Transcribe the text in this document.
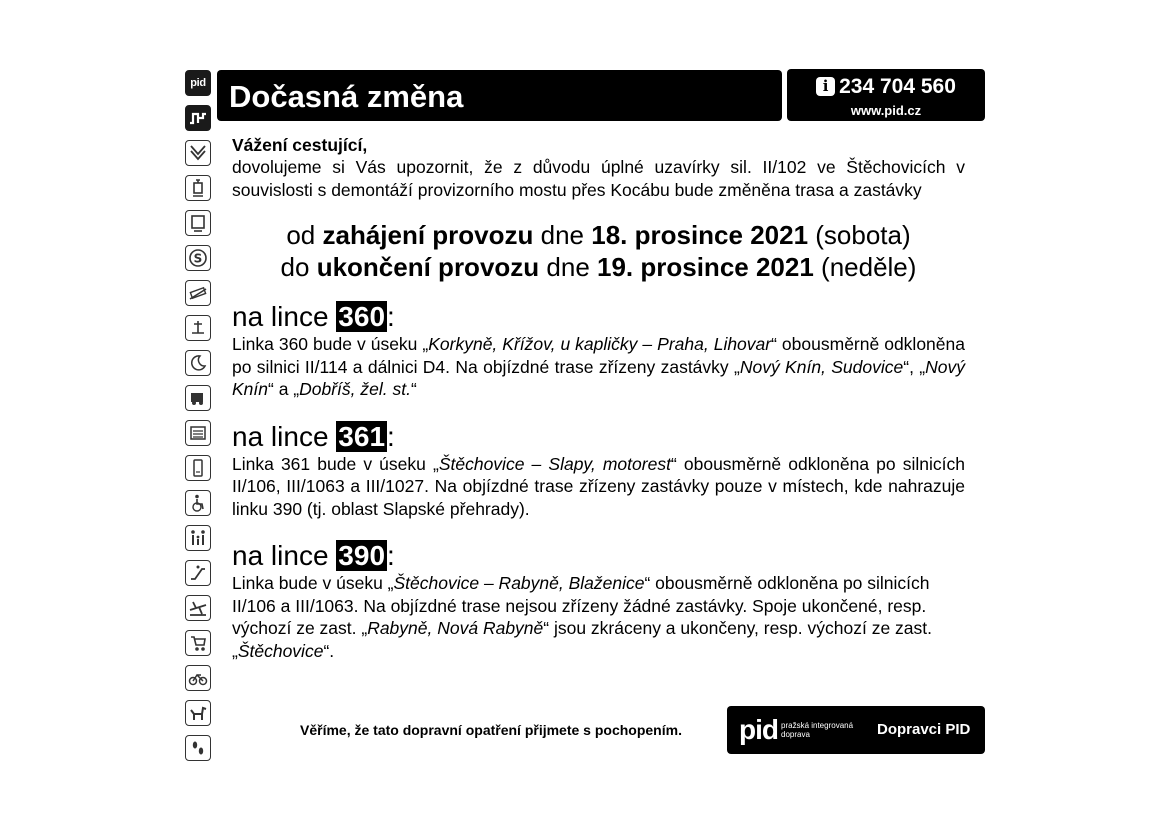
pid
S
Dočasná změna	i 234 704 560
www.pid.cz
Vážení cestující,

dovolujeme si Vás upozornit, že z důvodu úplné uzavírky sil. II/102 ve Štěchovicích v souvislosti s demontáží provizorního mostu přes Kocábu bude změněna trasa a zastávky

od zahájení provozu dne 18. prosince 2021 (sobota)
do ukončení provozu dne 19. prosince 2021 (neděle)

na lince 360:

Linka 360 bude v úseku „Korkyně, Křížov, u kapličky – Praha, Lihovar“ obousměrně odkloněna po silnici II/114 a dálnici D4. Na objízdné trase zřízeny zastávky „Nový Knín, Sudovice“, „Nový Knín“ a „Dobříš, žel. st.“

na lince 361:

Linka 361 bude v úseku „Štěchovice – Slapy, motorest“ obousměrně odkloněna po silnicích II/106, III/1063 a III/1027. Na objízdné trase zřízeny zastávky pouze v místech, kde nahrazuje linku 390 (tj. oblast Slapské přehrady).

na lince 390:

Linka bude v úseku „Štěchovice – Rabyně, Blaženice“ obousměrně odkloněna po silnicích II/106 a III/1063. Na objízdné trase nejsou zřízeny žádné zastávky. Spoje ukončené, resp. výchozí ze zast. „Rabyně, Nová Rabyně“ jsou zkráceny a ukončeny, resp. výchozí ze zast. „Štěchovice“.

Věříme, že tato dopravní opatření přijmete s pochopením. pid pražská integrovaná
doprava	Dopravci PID
